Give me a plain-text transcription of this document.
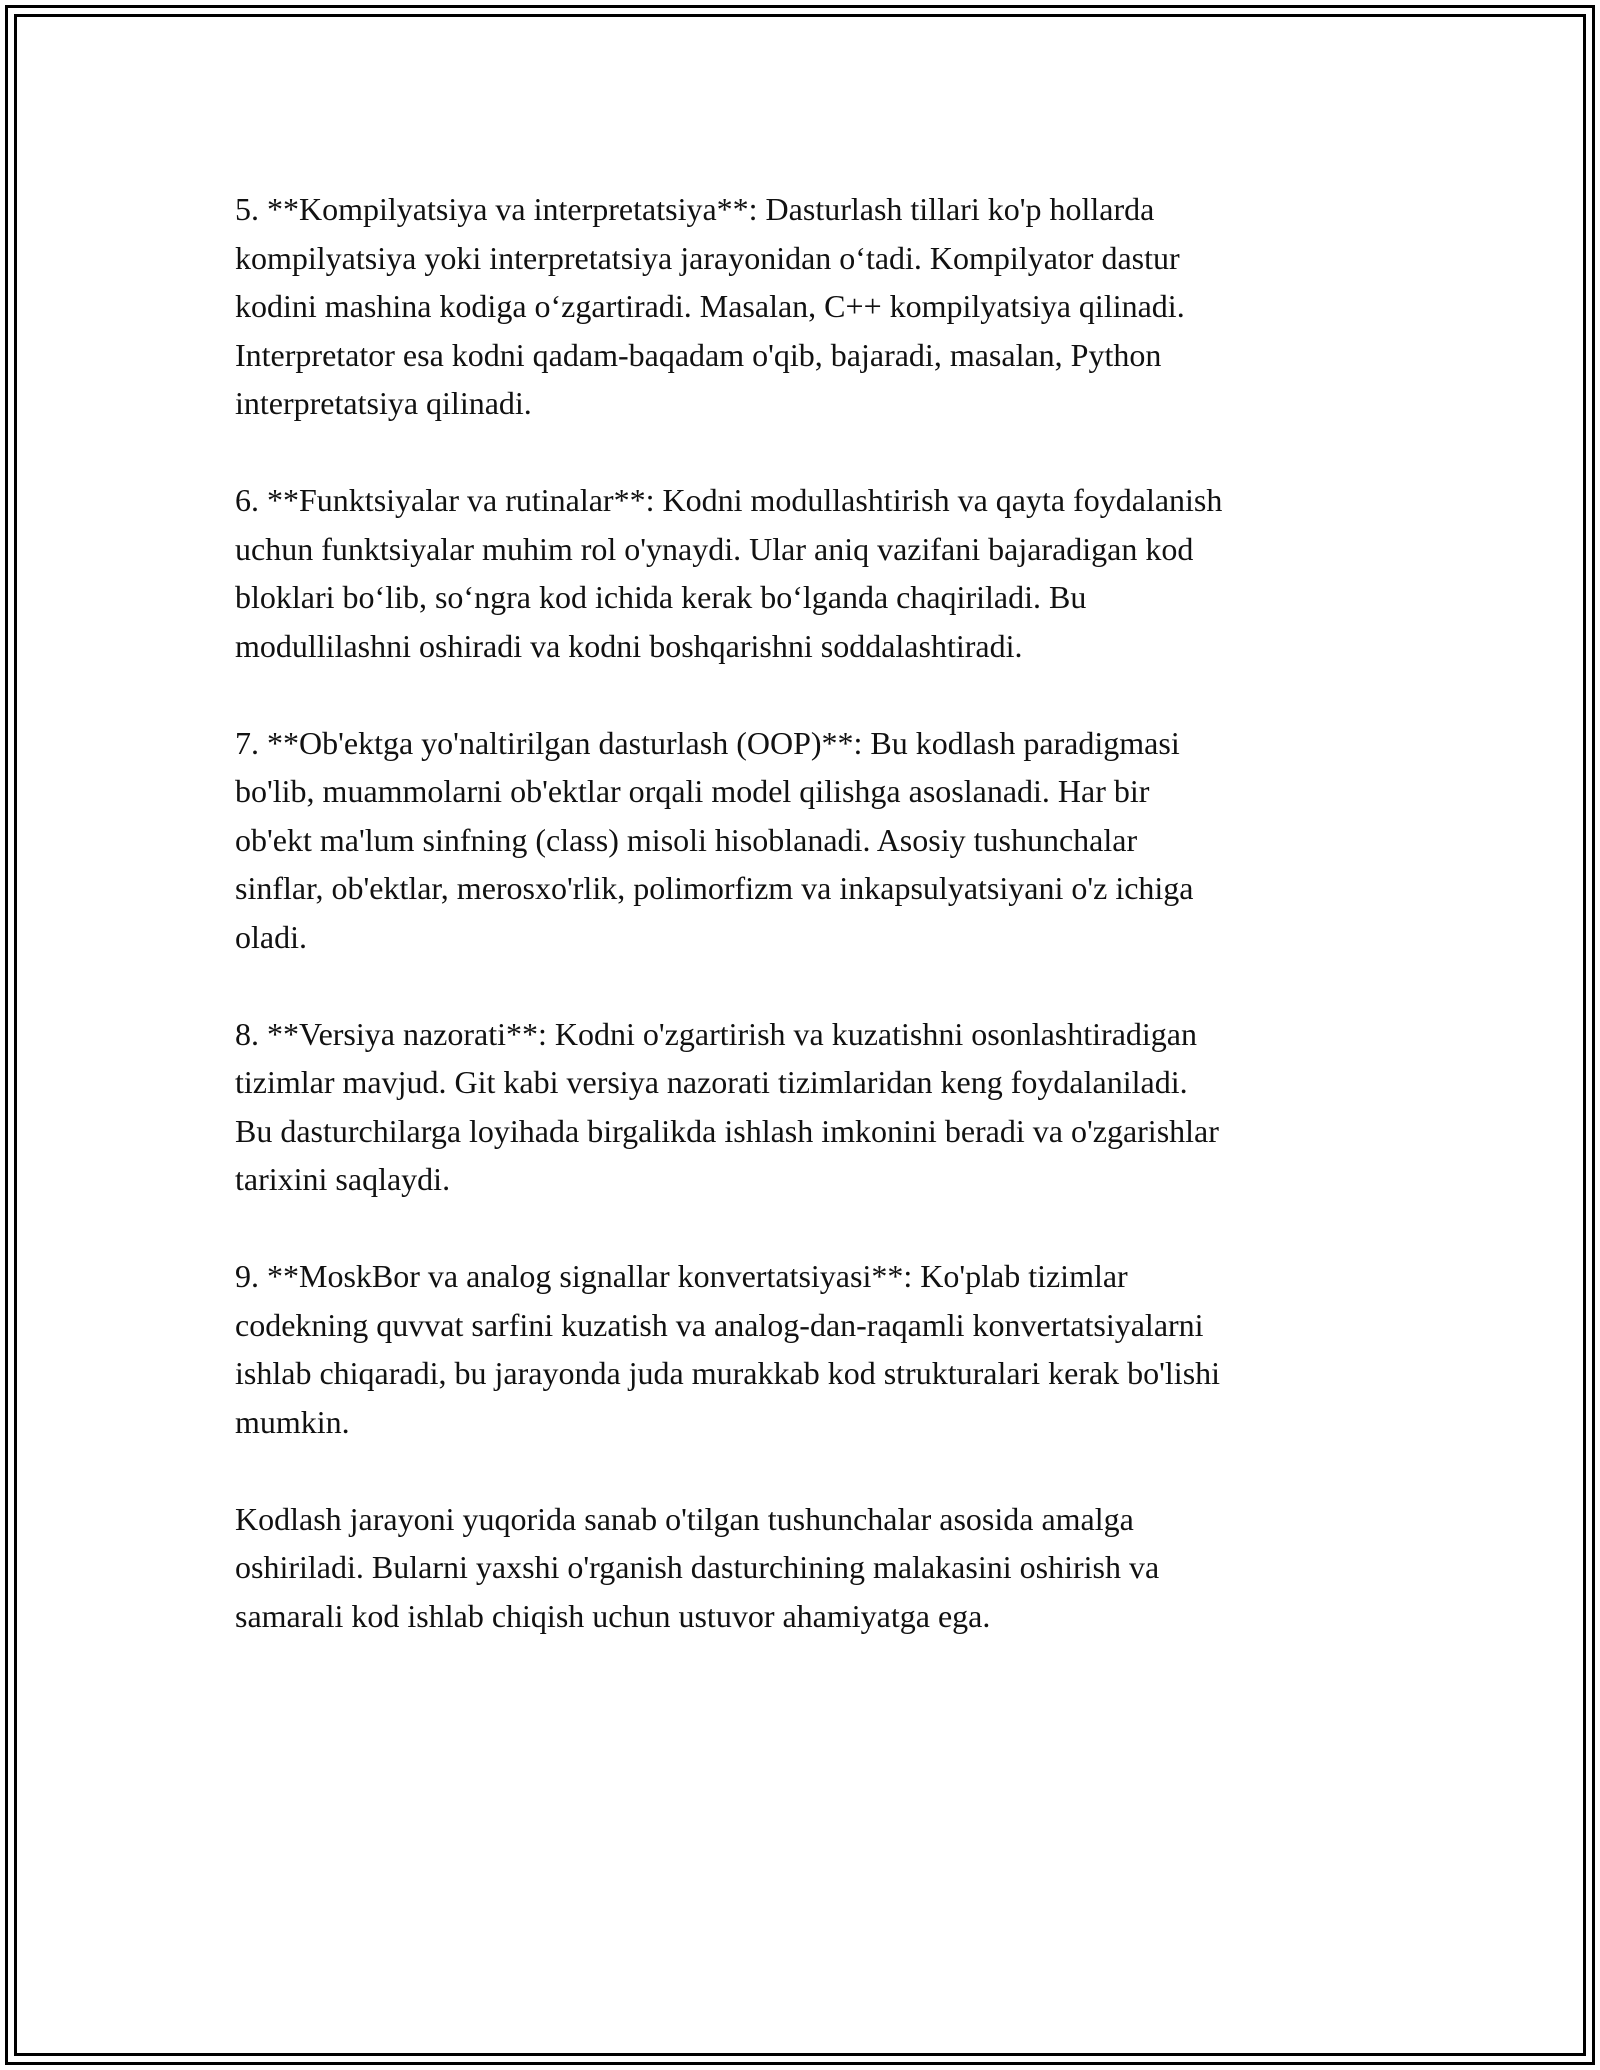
5. **Kompilyatsiya va interpretatsiya**: Dasturlash tillari ko'p hollarda
kompilyatsiya yoki interpretatsiya jarayonidan oʻtadi. Kompilyator dastur
kodini mashina kodiga oʻzgartiradi. Masalan, C++ kompilyatsiya qilinadi.
Interpretator esa kodni qadam-baqadam o'qib, bajaradi, masalan, Python
interpretatsiya qilinadi.

6. **Funktsiyalar va rutinalar**: Kodni modullashtirish va qayta foydalanish
uchun funktsiyalar muhim rol o'ynaydi. Ular aniq vazifani bajaradigan kod
bloklari boʻlib, soʻngra kod ichida kerak boʻlganda chaqiriladi. Bu
modullilashni oshiradi va kodni boshqarishni soddalashtiradi.

7. **Ob'ektga yo'naltirilgan dasturlash (OOP)**: Bu kodlash paradigmasi
bo'lib, muammolarni ob'ektlar orqali model qilishga asoslanadi. Har bir
ob'ekt ma'lum sinfning (class) misoli hisoblanadi. Asosiy tushunchalar
sinflar, ob'ektlar, merosxo'rlik, polimorfizm va inkapsulyatsiyani o'z ichiga
oladi.

8. **Versiya nazorati**: Kodni o'zgartirish va kuzatishni osonlashtiradigan
tizimlar mavjud. Git kabi versiya nazorati tizimlaridan keng foydalaniladi.
Bu dasturchilarga loyihada birgalikda ishlash imkonini beradi va o'zgarishlar
tarixini saqlaydi.

9. **MoskBor va analog signallar konvertatsiyasi**: Ko'plab tizimlar
codekning quvvat sarfini kuzatish va analog-dan-raqamli konvertatsiyalarni
ishlab chiqaradi, bu jarayonda juda murakkab kod strukturalari kerak bo'lishi
mumkin.

Kodlash jarayoni yuqorida sanab o'tilgan tushunchalar asosida amalga
oshiriladi. Bularni yaxshi o'rganish dasturchining malakasini oshirish va
samarali kod ishlab chiqish uchun ustuvor ahamiyatga ega.
